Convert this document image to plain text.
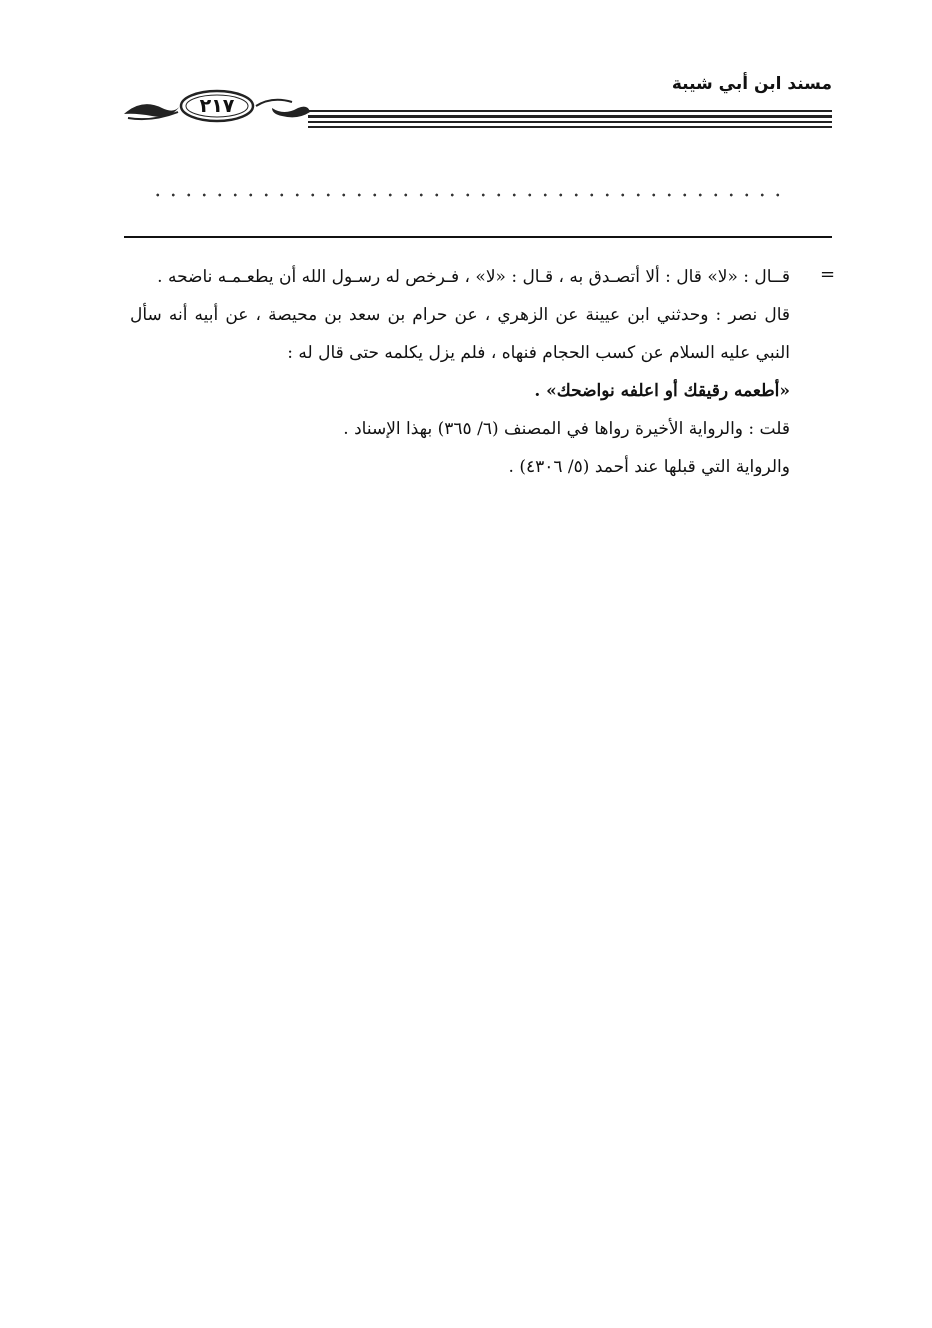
مسند ابن أبي شيبة
٢١٧
=

قــال : «لا» قال : ألا أتصـدق به ، قـال : «لا» ، فـرخص له رسـول الله أن يطعـمـه ناضحه .

قال نصر : وحدثني ابن عيينة عن الزهري ، عن حرام بن سعد بن محيصة ، عن أبيه أنه سأل النبي عليه السلام عن كسب الحجام فنهاه ، فلم يزل يكلمه حتى قال له :

«أطعمه رقيقك أو اعلفه نواضحك» .

قلت : والرواية الأخيرة رواها في المصنف (٦/ ٣٦٥) بهذا الإسناد .

والرواية التي قبلها عند أحمد (٥/ ٤٣٠٦) .
